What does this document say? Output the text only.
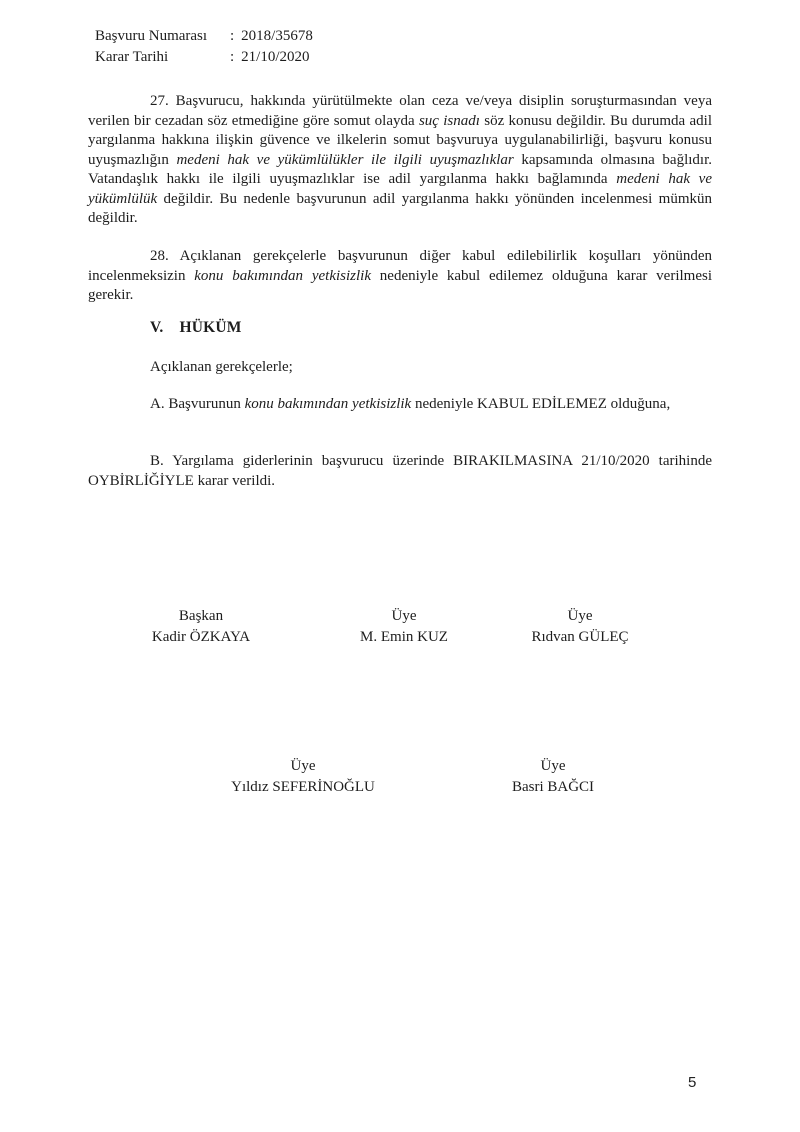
Başvuru Numarası	: 2018/35678
Karar Tarihi	: 21/10/2020

27. Başvurucu, hakkında yürütülmekte olan ceza ve/veya disiplin soruşturmasından veya verilen bir cezadan söz etmediğine göre somut olayda suç isnadı söz konusu değildir. Bu durumda adil yargılanma hakkına ilişkin güvence ve ilkelerin somut başvuruya uygulanabilirliği, başvuru konusu uyuşmazlığın medeni hak ve yükümlülükler ile ilgili uyuşmazlıklar kapsamında olmasına bağlıdır. Vatandaşlık hakkı ile ilgili uyuşmazlıklar ise adil yargılanma hakkı bağlamında medeni hak ve yükümlülük değildir. Bu nedenle başvurunun adil yargılanma hakkı yönünden incelenmesi mümkün değildir.

28. Açıklanan gerekçelerle başvurunun diğer kabul edilebilirlik koşulları yönünden incelenmeksizin konu bakımından yetkisizlik nedeniyle kabul edilemez olduğuna karar verilmesi gerekir.

V. HÜKÜM

Açıklanan gerekçelerle;

A. Başvurunun konu bakımından yetkisizlik nedeniyle KABUL EDİLEMEZ olduğuna,

B. Yargılama giderlerinin başvurucu üzerinde BIRAKILMASINA 21/10/2020 tarihinde OYBİRLİĞİYLE karar verildi.

Başkan
Kadir ÖZKAYA
Üye
M. Emin KUZ
Üye
Rıdvan GÜLEÇ
Üye
Yıldız SEFERİNOĞLU
Üye
Basri BAĞCI
5
